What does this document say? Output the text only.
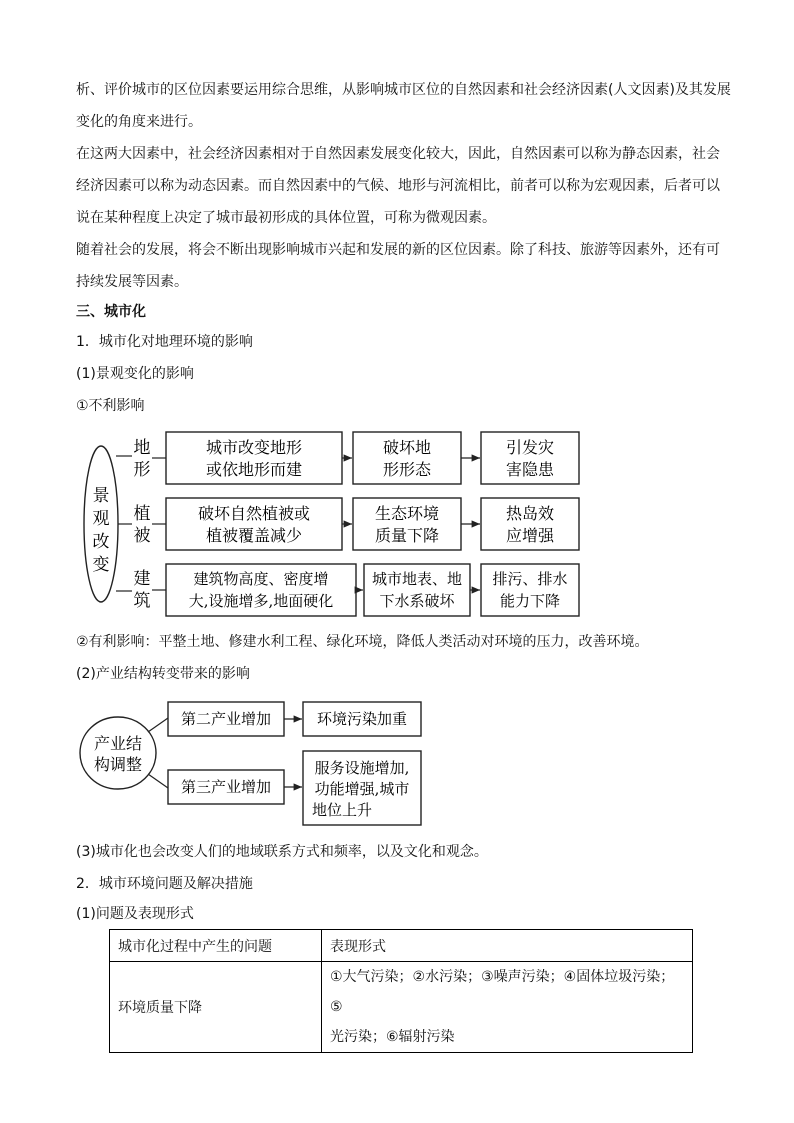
析、评价城市的区位因素要运用综合思维，从影响城市区位的自然因素和社会经济因素(人文因素)及其发展
变化的角度来进行。
在这两大因素中，社会经济因素相对于自然因素发展变化较大，因此，自然因素可以称为静态因素，社会
经济因素可以称为动态因素。而自然因素中的气候、地形与河流相比，前者可以称为宏观因素，后者可以
说在某种程度上决定了城市最初形成的具体位置，可称为微观因素。
随着社会的发展，将会不断出现影响城市兴起和发展的新的区位因素。除了科技、旅游等因素外，还有可
持续发展等因素。
三、城市化
1．城市化对地理环境的影响
(1)景观变化的影响
①不利影响
景
观
改
变
地
形
城市改变地形
或依地形而建
破坏地
形形态
引发灾
害隐患
植
被
破坏自然植被或
植被覆盖减少
生态环境
质量下降
热岛效
应增强
建
筑
建筑物高度、密度增
大,设施增多,地面硬化
城市地表、地
下水系破坏
排污、排水
能力下降
②有利影响：平整土地、修建水利工程、绿化环境，降低人类活动对环境的压力，改善环境。
(2)产业结构转变带来的影响
产业结
构调整
第二产业增加	环境污染加重
第三产业增加
服务设施增加,
功能增强,城市
地位上升
(3)城市化也会改变人们的地域联系方式和频率，以及文化和观念。
2．城市环境问题及解决措施
(1)问题及表现形式
城市化过程中产生的问题	表现形式
环境质量下降	①大气污染；②水污染；③噪声污染；④固体垃圾污染；⑤
光污染；⑥辐射污染
